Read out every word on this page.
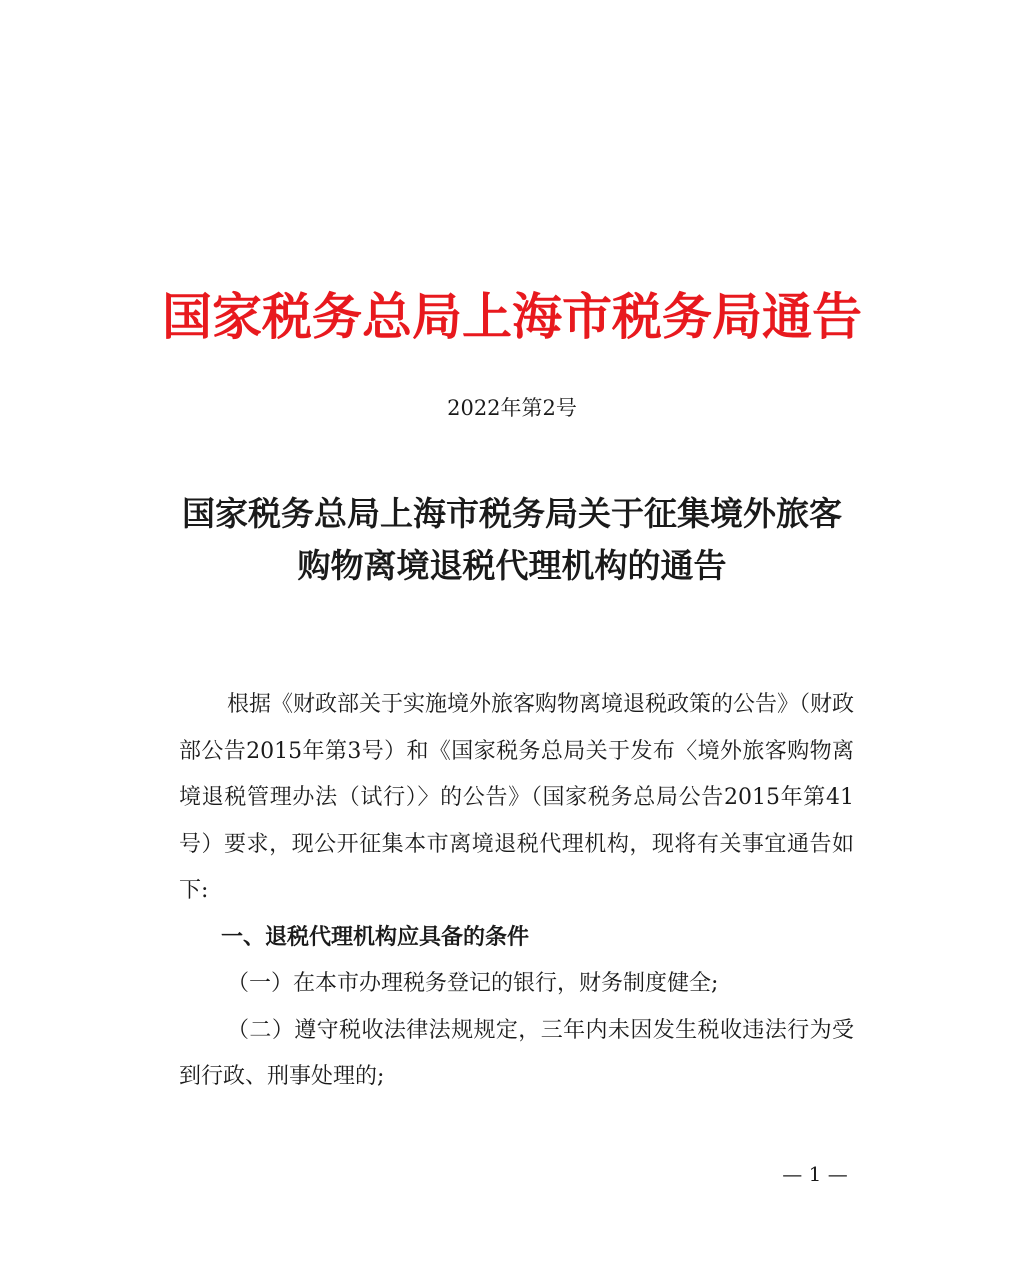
国家税务总局上海市税务局通告
2022年第2号
国家税务总局上海市税务局关于征集境外旅客
购物离境退税代理机构的通告

根据《财政部关于实施境外旅客购物离境退税政策的公告》（财政部公告2015年第3号）和《国家税务总局关于发布〈境外旅客购物离境退税管理办法（试行）〉的公告》（国家税务总局公告2015年第41号）要求，现公开征集本市离境退税代理机构，现将有关事宜通告如下:

一、退税代理机构应具备的条件

（一）在本市办理税务登记的银行，财务制度健全;

（二）遵守税收法律法规规定，三年内未因发生税收违法行为受到行政、刑事处理的;

— 1 —
